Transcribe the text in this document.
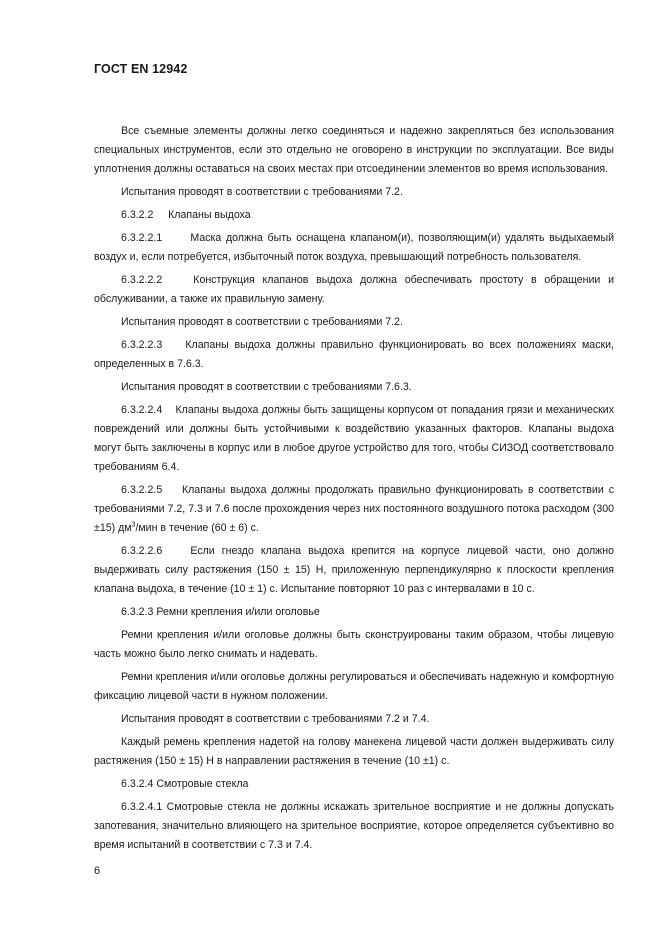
ГОСТ EN 12942

Все съемные элементы должны легко соединяться и надежно закрепляться без использования специальных инструментов, если это отдельно не оговорено в инструкции по эксплуатации. Все виды уплотнения должны оставаться на своих местах при отсоединении элементов во время использования.

Испытания проводят в соответствии с требованиями 7.2.

6.3.2.2     Клапаны выдоха

6.3.2.2.1      Маска должна быть оснащена клапаном(и), позволяющим(и) удалять выдыхаемый воздух и, если потребуется, избыточный поток воздуха, превышающий потребность пользователя.

6.3.2.2.2    Конструкция клапанов выдоха должна обеспечивать простоту в обращении и обслуживании, а также их правильную замену.

Испытания проводят в соответствии с требованиями 7.2.

6.3.2.2.3    Клапаны выдоха должны правильно функционировать во всех положениях маски, определенных в 7.6.3.

Испытания проводят в соответствии с требованиями 7.6.3.

6.3.2.2.4    Клапаны выдоха должны быть защищены корпусом от попадания грязи и механических повреждений или должны быть устойчивыми к воздействию указанных факторов. Клапаны выдоха могут быть заключены в корпус или в любое другое устройство для того, чтобы СИЗОД соответствовало требованиям 6.4.

6.3.2.2.5    Клапаны выдоха должны продолжать правильно функционировать в соответствии с требованиями 7.2, 7.3 и 7.6 после прохождения через них постоянного воздушного потока расходом (300 ±15) $дм^3$/мин в течение (60 ± 6) с.

6.3.2.2.6    Если гнездо клапана выдоха крепится на корпусе лицевой части, оно должно выдерживать силу растяжения (150 ± 15) Н, приложенную перпендикулярно к плоскости крепления клапана выдоха, в течение (10 ± 1) с. Испытание повторяют 10 раз с интервалами в 10 с.

6.3.2.3 Ремни крепления и/или оголовье

Ремни крепления и/или оголовье должны быть сконструированы таким образом, чтобы лицевую часть можно было легко снимать и надевать.

Ремни крепления и/или оголовье должны регулироваться и обеспечивать надежную и комфортную фиксацию лицевой части в нужном положении.

Испытания проводят в соответствии с требованиями 7.2 и 7.4.

Каждый ремень крепления надетой на голову манекена лицевой части должен выдерживать силу растяжения (150 ± 15) Н в направлении растяжения в течение (10 ±1) с.

6.3.2.4 Смотровые стекла

6.3.2.4.1 Смотровые стекла не должны искажать зрительное восприятие и не должны допускать запотевания, значительно влияющего на зрительное восприятие, которое определяется субъективно во время испытаний в соответствии с 7.3 и 7.4.

6
